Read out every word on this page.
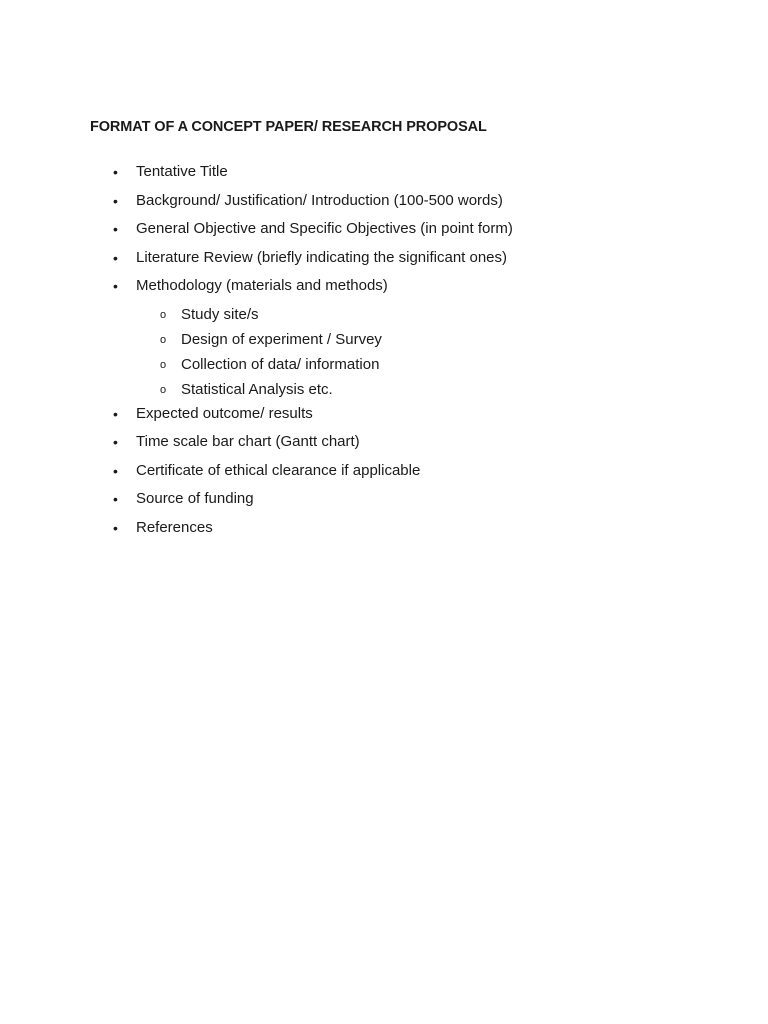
FORMAT OF A CONCEPT PAPER/ RESEARCH PROPOSAL
• Tentative Title
• Background/ Justification/ Introduction (100-500 words)
• General Objective and Specific Objectives (in point form)
• Literature Review (briefly indicating the significant ones)
• Methodology (materials and methods)
o Study site/s
o Design of experiment / Survey
o Collection of data/ information
o Statistical Analysis etc.
• Expected outcome/ results
• Time scale bar chart (Gantt chart)
• Certificate of ethical clearance if applicable
• Source of funding
• References
